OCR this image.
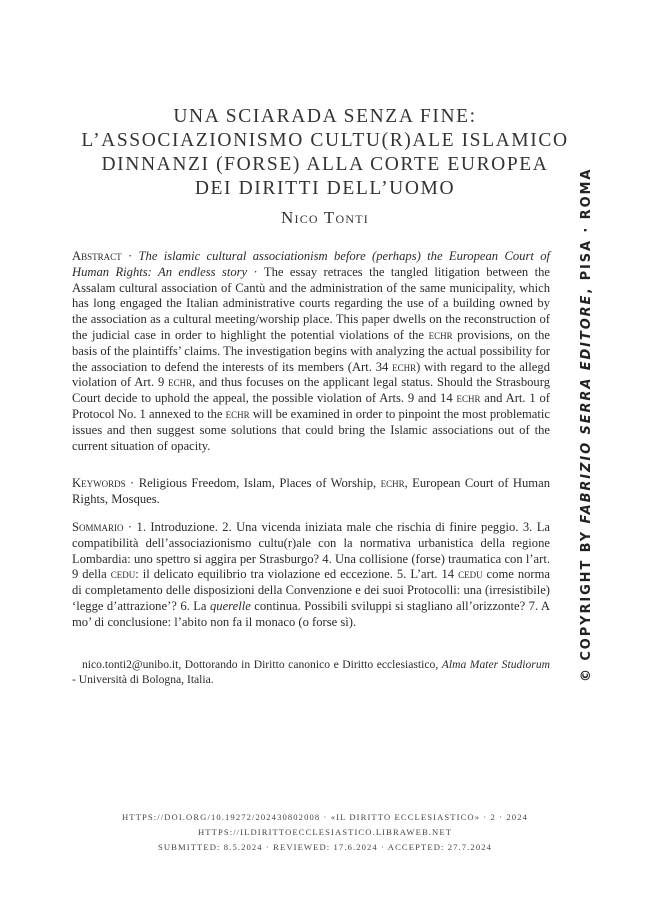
UNA SCIARADA SENZA FINE:
L’ASSOCIAZIONISMO CULTU(R)ALE ISLAMICO
DINNANZI (FORSE) ALLA CORTE EUROPEA
DEI DIRITTI DELL’UOMO
Nico Tonti

Abstract · The islamic cultural associationism before (perhaps) the European Court of Human Rights: An endless story · The essay retraces the tangled litigation between the Assalam cultural association of Cantù and the administration of the same municipality, which has long engaged the Italian administrative courts regarding the use of a building owned by the association as a cultural meeting/worship place. This paper dwells on the reconstruction of the judicial case in order to highlight the potential violations of the echr provisions, on the basis of the plaintiffs’ claims. The investigation begins with analyzing the actual possibility for the association to defend the interests of its members (Art. 34 echr) with regard to the allegd violation of Art. 9 echr, and thus focuses on the applicant legal status. Should the Strasbourg Court decide to uphold the appeal, the possible violation of Arts. 9 and 14 echr and Art. 1 of Protocol No. 1 annexed to the echr will be examined in order to pinpoint the most problematic issues and then suggest some solutions that could bring the Islamic associations out of the current situation of opacity.

Keywords · Religious Freedom, Islam, Places of Worship, echr, European Court of Human Rights, Mosques.
Sommario · 1. Introduzione. 2. Una vicenda iniziata male che rischia di finire peggio. 3. La compatibilità dell’associazionismo cultu(r)ale con la normativa urbanistica della regione Lombardia: uno spettro si aggira per Strasburgo? 4. Una collisione (forse) traumatica con l’art. 9 della cedu: il delicato equilibrio tra violazione ed eccezione. 5. L’art. 14 cedu come norma di completamento delle disposizioni della Convenzione e dei suoi Protocolli: una (irresistibile) ‘legge d’attrazione’? 6. La querelle continua. Possibili sviluppi si stagliano all’orizzonte? 7. A mo’ di conclusione: l’abito non fa il monaco (o forse sì).
nico.tonti2@unibo.it, Dottorando in Diritto canonico e Diritto ecclesiastico, Alma Mater Studiorum - Università di Bologna, Italia.
HTTPS://DOI.ORG/10.19272/202430802008 · «IL DIRITTO ECCLESIASTICO» · 2 · 2024
HTTPS://ILDIRITTOECCLESIASTICO.LIBRAWEB.NET
SUBMITTED: 8.5.2024 · REVIEWED: 17.6.2024 · ACCEPTED: 27.7.2024
© COPYRIGHT BY FABRIZIO SERRA EDITORE, PISA · ROMA
